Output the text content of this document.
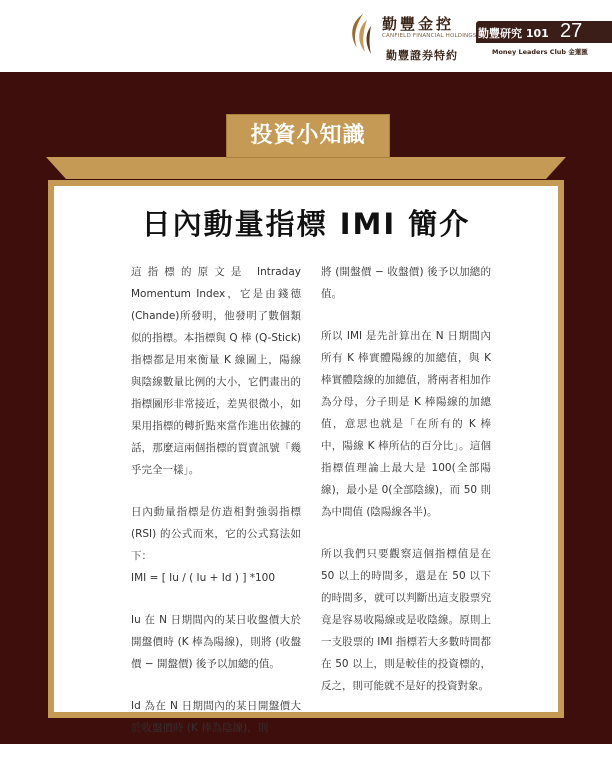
勤豐金控
CANFIELD FINANCIAL HOLDINGS
勤豐證券特約
勤豐研究 101 27
Money Leaders Club 金蓮匯
投資小知識
日內動量指標 IMI 簡介

這指標的原文是 Intraday Momentum Index，它是由錢德(Chande)所發明，他發明了數個類似的指標。本指標與 Q 棒 (Q-Stick) 指標都是用來衡量 K 線圖上，陽線與陰線數量比例的大小，它們畫出的指標圖形非常接近，差異很微小，如果用指標的轉折點來當作進出依據的話，那麼這兩個指標的買賣訊號「幾乎完全一樣」。

日內動量指標是仿造相對強弱指標 (RSI) 的公式而來，它的公式寫法如下：

IMI = [ Iu / ( Iu + Id ) ] *100

Iu 在 N 日期間內的某日收盤價大於開盤價時 (K 棒為陽線)，則將 (收盤價 − 開盤價) 後予以加總的值。

Id 為在 N 日期間內的某日開盤價大於收盤價時 (K 棒為陰線)，則

將 (開盤價 − 收盤價) 後予以加總的值。

所以 IMI 是先計算出在 N 日期間內所有 K 棒實體陽線的加總值，與 K 棒實體陰線的加總值，將兩者相加作為分母，分子則是 K 棒陽線的加總值，意思也就是「在所有的 K 棒中，陽線 K 棒所佔的百分比」。這個指標值理論上最大是 100(全部陽線)，最小是 0(全部陰線)，而 50 則為中間值 (陰陽線各半)。

所以我們只要觀察這個指標值是在 50 以上的時間多，還是在 50 以下的時間多，就可以判斷出這支股票究竟是容易收陽線或是收陰線。原則上一支股票的 IMI 指標若大多數時間都在 50 以上，則是較佳的投資標的，反之，則可能就不是好的投資對象。
